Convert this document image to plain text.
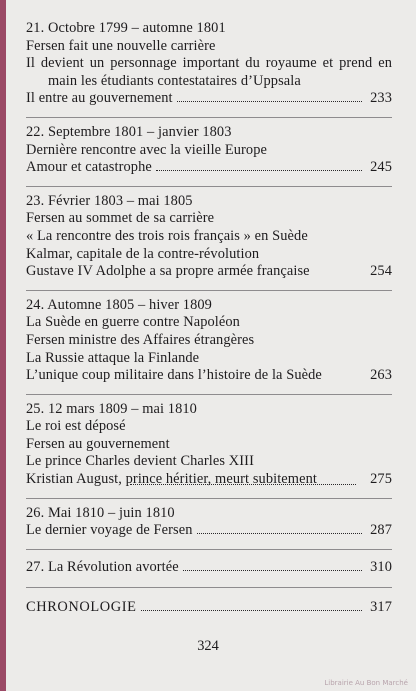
21. Octobre 1799 – automne 1801
Fersen fait une nouvelle carrière
Il devient un personnage important du royaume et prend en main les étudiants contestataires d’Uppsala
Il entre au gouvernement	233
22. Septembre 1801 – janvier 1803
Dernière rencontre avec la vieille Europe
Amour et catastrophe	245
23. Février 1803 – mai 1805
Fersen au sommet de sa carrière
« La rencontre des trois rois français » en Suède
Kalmar, capitale de la contre-révolution
Gustave IV Adolphe a sa propre armée française	254
24. Automne 1805 – hiver 1809
La Suède en guerre contre Napoléon
Fersen ministre des Affaires étrangères
La Russie attaque la Finlande
L’unique coup militaire dans l’histoire de la Suède	263
25. 12 mars 1809 – mai 1810
Le roi est déposé
Fersen au gouvernement
Le prince Charles devient Charles XIII
Kristian August, prince héritier, meurt subitement	275
26. Mai 1810 – juin 1810
Le dernier voyage de Fersen	287
27. La Révolution avortée	310
CHRONOLOGIE	317
324
Librairie Au Bon Marché
